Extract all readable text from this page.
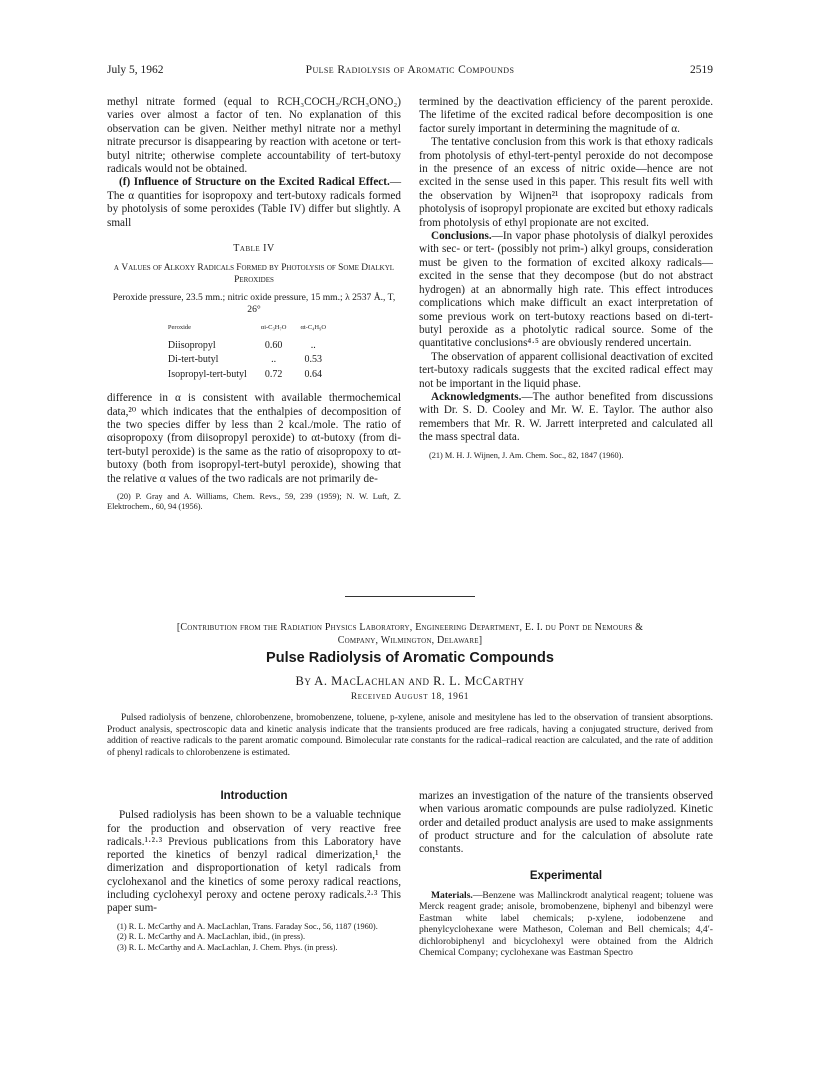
July 5, 1962	Pulse Radiolysis of Aromatic Compounds	2519

methyl nitrate formed (equal to RCH₃COCH₃/RCH₃ONO₂) varies over almost a factor of ten. No explanation of this observation can be given. Neither methyl nitrate nor a methyl nitrate precursor is disappearing by reaction with acetone or tert-butyl nitrite; otherwise complete accountability of tert-butoxy radicals would not be obtained.

(f) Influence of Structure on the Excited Radical Effect.—The α quantities for isopropoxy and tert-butoxy radicals formed by photolysis of some peroxides (Table IV) differ but slightly. A small

Table IV
α Values of Alkoxy Radicals Formed by Photolysis of Some Dialkyl Peroxides
Peroxide pressure, 23.5 mm.; nitric oxide pressure, 15 mm.; λ 2537 Å., T, 26°
Peroxide	αi-C₃H₇O	αt-C₄H₉O
Diisopropyl	0.60	..
Di-tert-butyl	..	0.53
Isopropyl-tert-butyl	0.72	0.64

difference in α is consistent with available thermochemical data,²⁰ which indicates that the enthalpies of decomposition of the two species differ by less than 2 kcal./mole. The ratio of αisopropoxy (from diisopropyl peroxide) to αt-butoxy (from di-tert-butyl peroxide) is the same as the ratio of αisopropoxy to αt-butoxy (both from isopropyl-tert-butyl peroxide), showing that the relative α values of the two radicals are not primarily de-

(20) P. Gray and A. Williams, Chem. Revs., 59, 239 (1959); N. W. Luft, Z. Elektrochem., 60, 94 (1956).

termined by the deactivation efficiency of the parent peroxide. The lifetime of the excited radical before decomposition is one factor surely important in determining the magnitude of α.

The tentative conclusion from this work is that ethoxy radicals from photolysis of ethyl-tert-pentyl peroxide do not decompose in the presence of an excess of nitric oxide—hence are not excited in the sense used in this paper. This result fits well with the observation by Wijnen²¹ that isopropoxy radicals from photolysis of isopropyl propionate are excited but ethoxy radicals from photolysis of ethyl propionate are not excited.

Conclusions.—In vapor phase photolysis of dialkyl peroxides with sec- or tert- (possibly not prim-) alkyl groups, consideration must be given to the formation of excited alkoxy radicals—excited in the sense that they decompose (but do not abstract hydrogen) at an abnormally high rate. This effect introduces complications which make difficult an exact interpretation of some previous work on tert-butoxy reactions based on di-tert-butyl peroxide as a photolytic radical source. Some of the quantitative conclusions⁴·⁵ are obviously rendered uncertain.

The observation of apparent collisional deactivation of excited tert-butoxy radicals suggests that the excited radical effect may not be important in the liquid phase.

Acknowledgments.—The author benefited from discussions with Dr. S. D. Cooley and Mr. W. E. Taylor. The author also remembers that Mr. R. W. Jarrett interpreted and calculated all the mass spectral data.

(21) M. H. J. Wijnen, J. Am. Chem. Soc., 82, 1847 (1960).
[Contribution from the Radiation Physics Laboratory, Engineering Department, E. I. du Pont de Nemours &
Company, Wilmington, Delaware]
Pulse Radiolysis of Aromatic Compounds
By A. MacLachlan and R. L. McCarthy
Received August 18, 1961
Pulsed radiolysis of benzene, chlorobenzene, bromobenzene, toluene, p-xylene, anisole and mesitylene has led to the observation of transient absorptions. Product analysis, spectroscopic data and kinetic analysis indicate that the transients produced are free radicals, having a conjugated structure, derived from addition of reactive radicals to the parent aromatic compound. Bimolecular rate constants for the radical–radical reaction are calculated, and the rate of addition of phenyl radicals to chlorobenzene is estimated.
Introduction

Pulsed radiolysis has been shown to be a valuable technique for the production and observation of very reactive free radicals.¹·²·³ Previous publications from this Laboratory have reported the kinetics of benzyl radical dimerization,¹ the dimerization and disproportionation of ketyl radicals from cyclohexanol and the kinetics of some peroxy radical reactions, including cyclohexyl peroxy and octene peroxy radicals.²·³ This paper sum-

(1) R. L. McCarthy and A. MacLachlan, Trans. Faraday Soc., 56, 1187 (1960).
(2) R. L. McCarthy and A. MacLachlan, ibid., (in press).
(3) R. L. McCarthy and A. MacLachlan, J. Chem. Phys. (in press).

marizes an investigation of the nature of the transients observed when various aromatic compounds are pulse radiolyzed. Kinetic order and detailed product analysis are used to make assignments of product structure and for the calculation of absolute rate constants.

Experimental

Materials.—Benzene was Mallinckrodt analytical reagent; toluene was Merck reagent grade; anisole, bromobenzene, biphenyl and bibenzyl were Eastman white label chemicals; p-xylene, iodobenzene and phenylcyclohexane were Matheson, Coleman and Bell chemicals; 4,4′-dichlorobiphenyl and bicyclohexyl were obtained from the Aldrich Chemical Company; cyclohexane was Eastman Spectro
